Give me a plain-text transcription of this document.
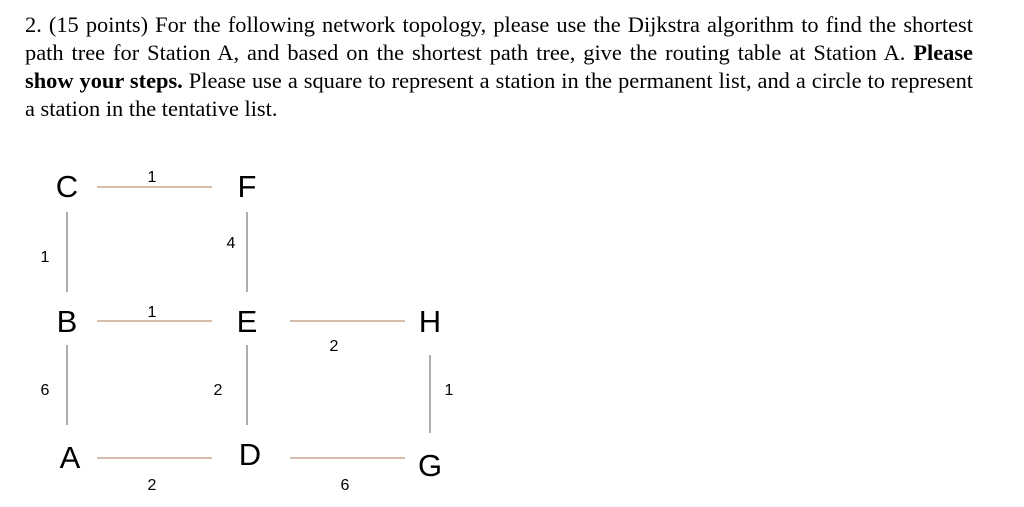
2. (15 points) For the following network topology, please use the Dijkstra algorithm to find the shortest path tree for Station A, and based on the shortest path tree, give the routing table at Station A. Please show your steps. Please use a square to represent a station in the permanent list, and a circle to represent a station in the tentative list.

1
1
4
1
2
6	2	1
2	6
C	F
B	E	H
A	D	G
